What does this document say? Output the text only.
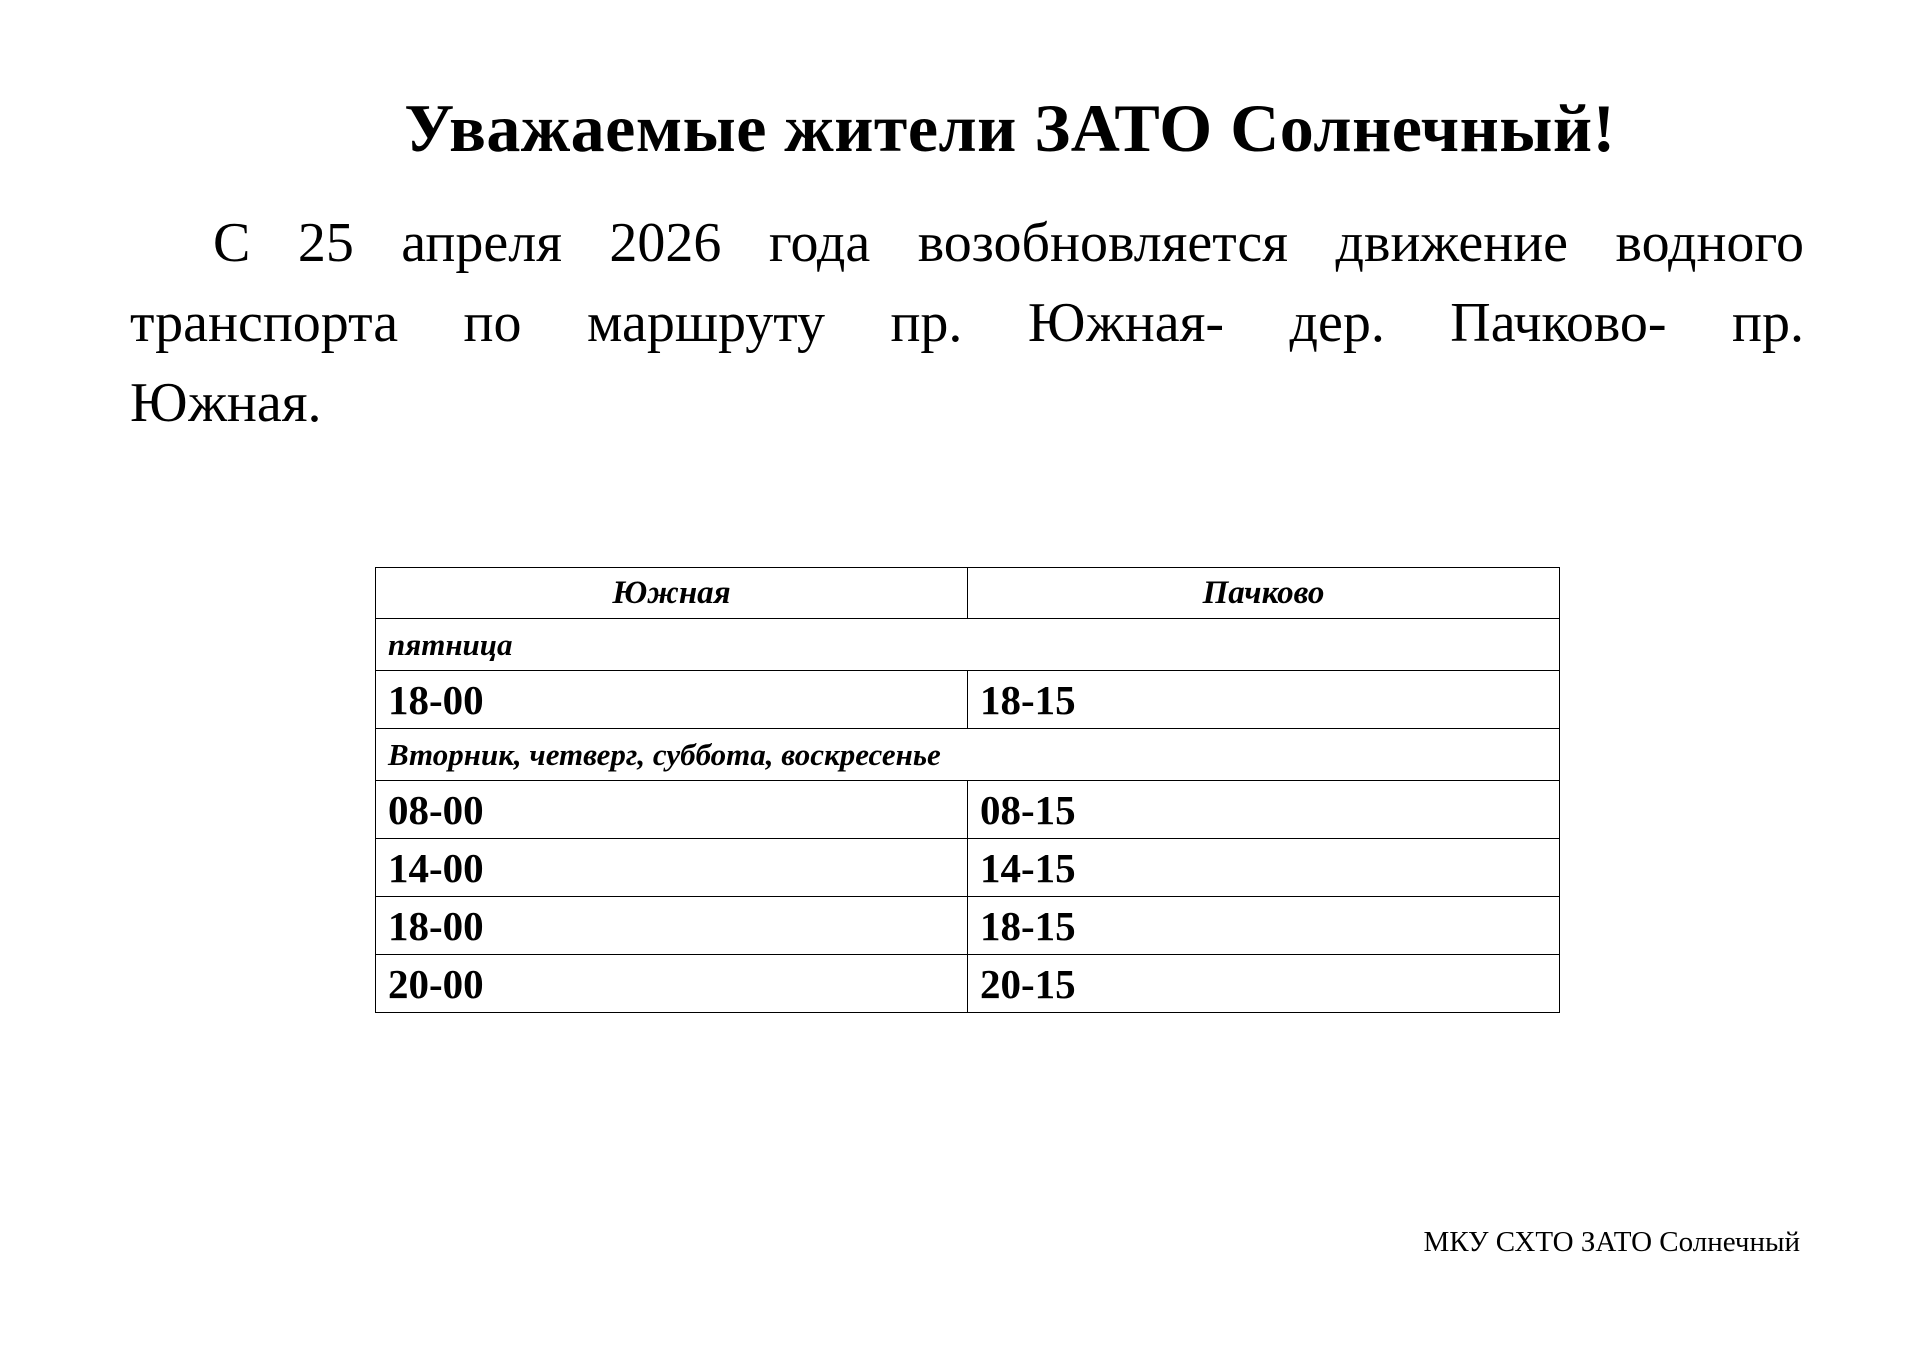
Уважаемые жители ЗАТО Солнечный!
С 25 апреля 2026 года возобновляется движение водного
транспорта по маршруту пр. Южная- дер. Пачково- пр.
Южная.
Южная	Пачково
пятница	
18-00	18-15
Вторник, четверг, суббота, воскресенье	
08-00	08-15
14-00	14-15
18-00	18-15
20-00	20-15
МКУ СХТО ЗАТО Солнечный
